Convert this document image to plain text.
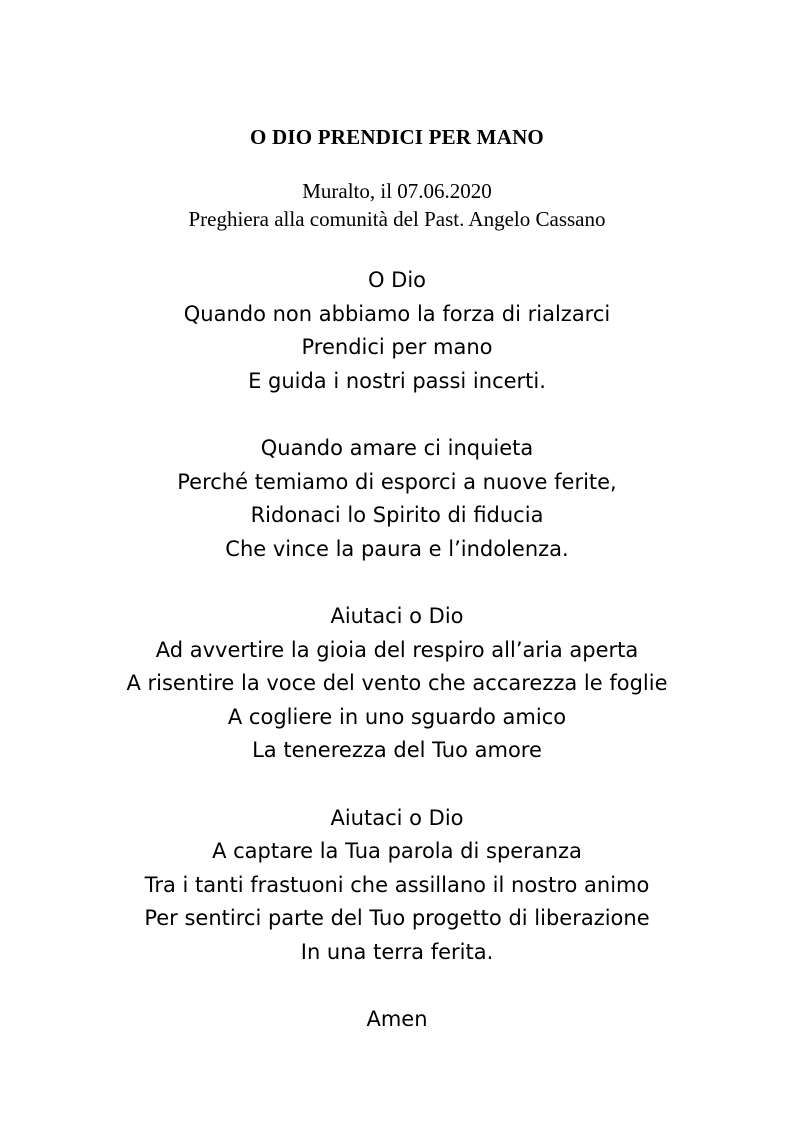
O DIO PRENDICI PER MANO
Muralto, il 07.06.2020
Preghiera alla comunità del Past. Angelo Cassano
O Dio
Quando non abbiamo la forza di rialzarci
Prendici per mano
E guida i nostri passi incerti.
Quando amare ci inquieta
Perché temiamo di esporci a nuove ferite,
Ridonaci lo Spirito di fiducia
Che vince la paura e l’indolenza.
Aiutaci o Dio
Ad avvertire la gioia del respiro all’aria aperta
A risentire la voce del vento che accarezza le foglie
A cogliere in uno sguardo amico
La tenerezza del Tuo amore
Aiutaci o Dio
A captare la Tua parola di speranza
Tra i tanti frastuoni che assillano il nostro animo
Per sentirci parte del Tuo progetto di liberazione
In una terra ferita.
Amen
